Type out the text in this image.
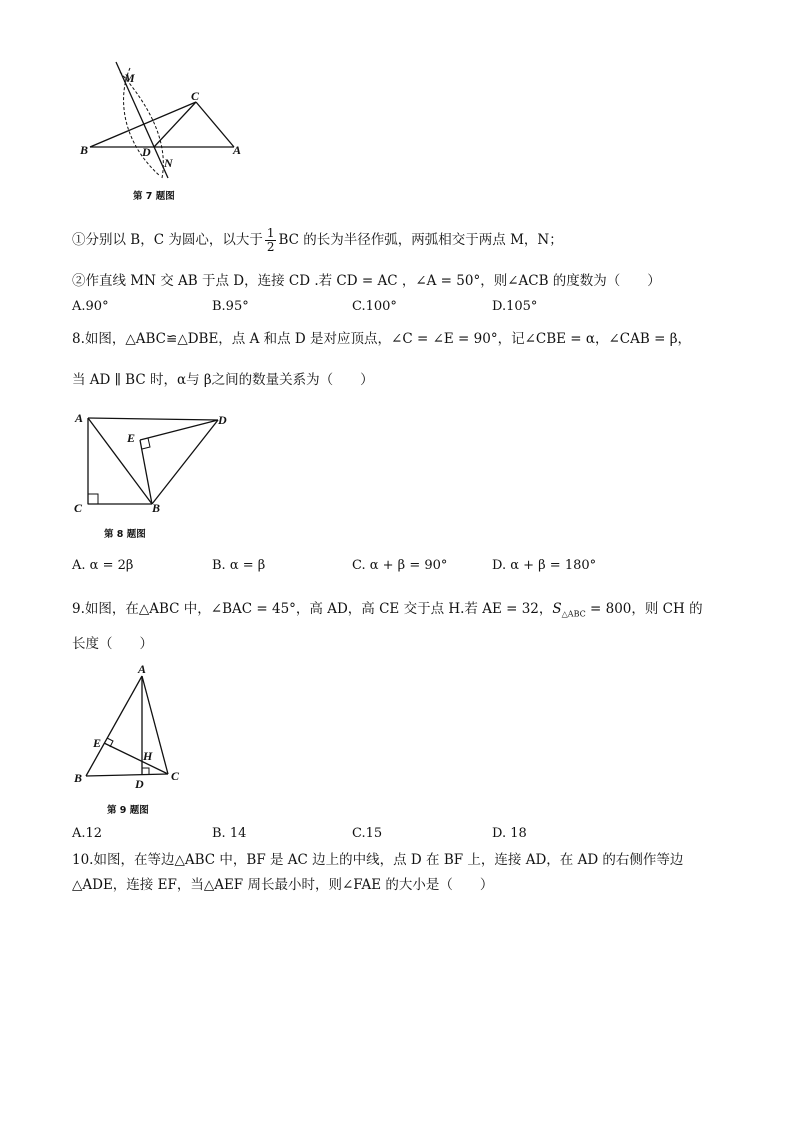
M
C
B	D
N
A
第 7 题图
①分别以 B，C 为圆心，以大于 $\frac{1}{2}$ BC 的长为半径作弧，两弧相交于两点 M，N；
②作直线 MN 交 AB 于点 D，连接 CD .若 CD = AC ，∠A = 50°，则∠ACB 的度数为（　　）
A.90°	B.95°	C.100°	D.105°
8.如图，△ABC≌△DBE，点 A 和点 D 是对应顶点，∠C = ∠E = 90°，记∠CBE = α，∠CAB = β，
当 AD ∥ BC 时，α与 β之间的数量关系为（　　）
A	D
E
C	B
第 8 题图
A. α = 2β	B. α = β	C. α + β = 90°	D. α + β = 180°
9.如图，在△ABC 中，∠BAC = 45°，高 AD，高 CE 交于点 H.若 AE = 32，$S_{\triangle ABC} = 800$，则 CH 的
长度（　　）
A
E
H
B	D
C
第 9 题图
A.12	B. 14	C.15	D. 18
10.如图，在等边△ABC 中，BF 是 AC 边上的中线，点 D 在 BF 上，连接 AD，在 AD 的右侧作等边
△ADE，连接 EF，当△AEF 周长最小时，则∠FAE 的大小是（　　）
